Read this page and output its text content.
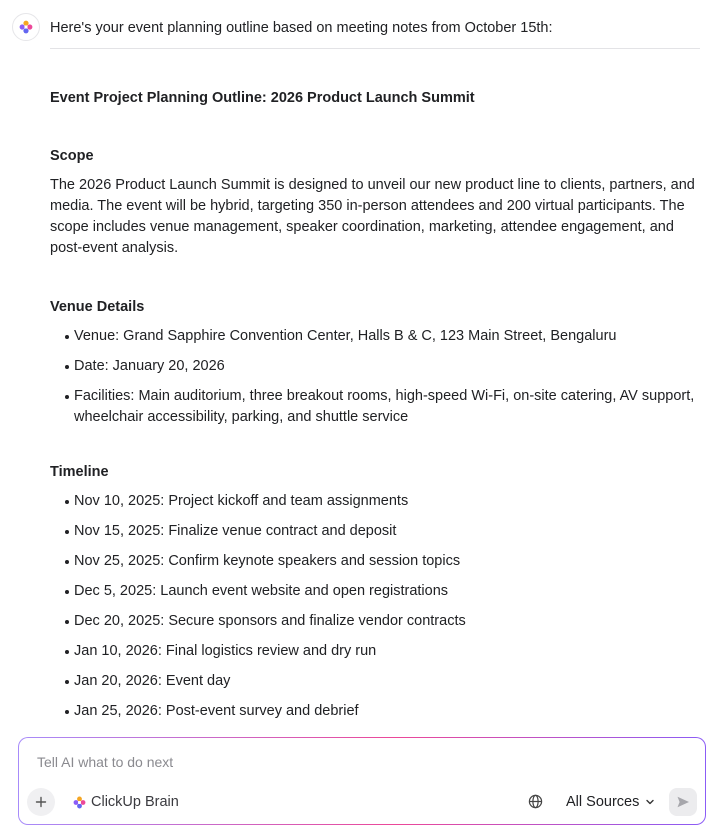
Here's your event planning outline based on meeting notes from October 15th:
Event Project Planning Outline: 2026 Product Launch Summit
Scope
The 2026 Product Launch Summit is designed to unveil our new product line to clients, partners, and media. The event will be hybrid, targeting 350 in-person attendees and 200 virtual participants. The scope includes venue management, speaker coordination, marketing, attendee engagement, and post-event analysis.
Venue Details
Venue: Grand Sapphire Convention Center, Halls B & C, 123 Main Street, Bengaluru
Date: January 20, 2026
Facilities: Main auditorium, three breakout rooms, high-speed Wi-Fi, on-site catering, AV support, wheelchair accessibility, parking, and shuttle service
Timeline
Nov 10, 2025: Project kickoff and team assignments
Nov 15, 2025: Finalize venue contract and deposit
Nov 25, 2025: Confirm keynote speakers and session topics
Dec 5, 2025: Launch event website and open registrations
Dec 20, 2025: Secure sponsors and finalize vendor contracts
Jan 10, 2026: Final logistics review and dry run
Jan 20, 2026: Event day
Jan 25, 2026: Post-event survey and debrief
Tell AI what to do next
ClickUp Brain	All Sources
